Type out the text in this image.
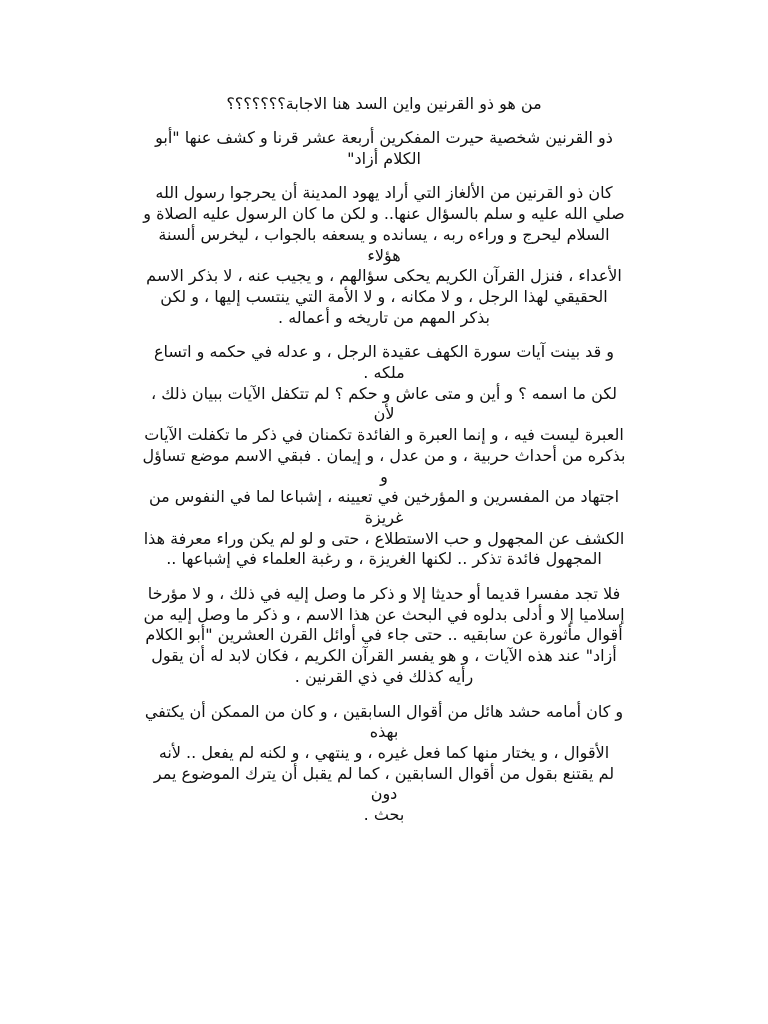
من هو ذو القرنين واين السد هنا الاجابة؟؟؟؟؟؟؟
ذو القرنين شخصية حيرت المفكرين أربعة عشر قرنا و كشف عنها "أبو
الكلام أزاد"
كان ذو القرنين من الألغاز التي أراد يهود المدينة أن يحرجوا رسول الله
صلي الله عليه و سلم بالسؤال عنها.. و لكن ما كان الرسول عليه الصلاة و
السلام ليحرج و وراءه ربه ، يسانده و يسعفه بالجواب ، ليخرس ألسنة
هؤلاء
الأعداء ، فنزل القرآن الكريم يحكى سؤالهم ، و يجيب عنه ، لا بذكر الاسم
الحقيقي لهذا الرجل ، و لا مكانه ، و لا الأمة التي ينتسب إليها ، و لكن
بذكر المهم من تاريخه و أعماله .
و قد بينت آيات سورة الكهف عقيدة الرجل ، و عدله في حكمه و اتساع
ملكه .
لكن ما اسمه ؟ و أين و متى عاش و حكم ؟ لم تتكفل الآيات ببيان ذلك ،
لأن
العبرة ليست فيه ، و إنما العبرة و الفائدة تكمنان في ذكر ما تكفلت الآيات
بذكره من أحداث حربية ، و من عدل ، و إيمان . فبقي الاسم موضع تساؤل
و
اجتهاد من المفسرين و المؤرخين في تعيينه ، إشباعا لما في النفوس من
غريزة
الكشف عن المجهول و حب الاستطلاع ، حتى و لو لم يكن وراء معرفة هذا
المجهول فائدة تذكر .. لكنها الغريزة ، و رغبة العلماء في إشباعها ..
فلا تجد مفسرا قديما أو حديثا إلا و ذكر ما وصل إليه في ذلك ، و لا مؤرخا
إسلاميا إلا و أدلى بدلوه في البحث عن هذا الاسم ، و ذكر ما وصل إليه من
أقوال مأثورة عن سابقيه .. حتى جاء في أوائل القرن العشرين "أبو الكلام
أزاد" عند هذه الآيات ، و هو يفسر القرآن الكريم ، فكان لابد له أن يقول
رأيه كذلك في ذي القرنين .
و كان أمامه حشد هائل من أقوال السابقين ، و كان من الممكن أن يكتفي
بهذه
الأقوال ، و يختار منها كما فعل غيره ، و ينتهي ، و لكنه لم يفعل .. لأنه
لم يقتنع بقول من أقوال السابقين ، كما لم يقبل أن يترك الموضوع يمر
دون
بحث .
